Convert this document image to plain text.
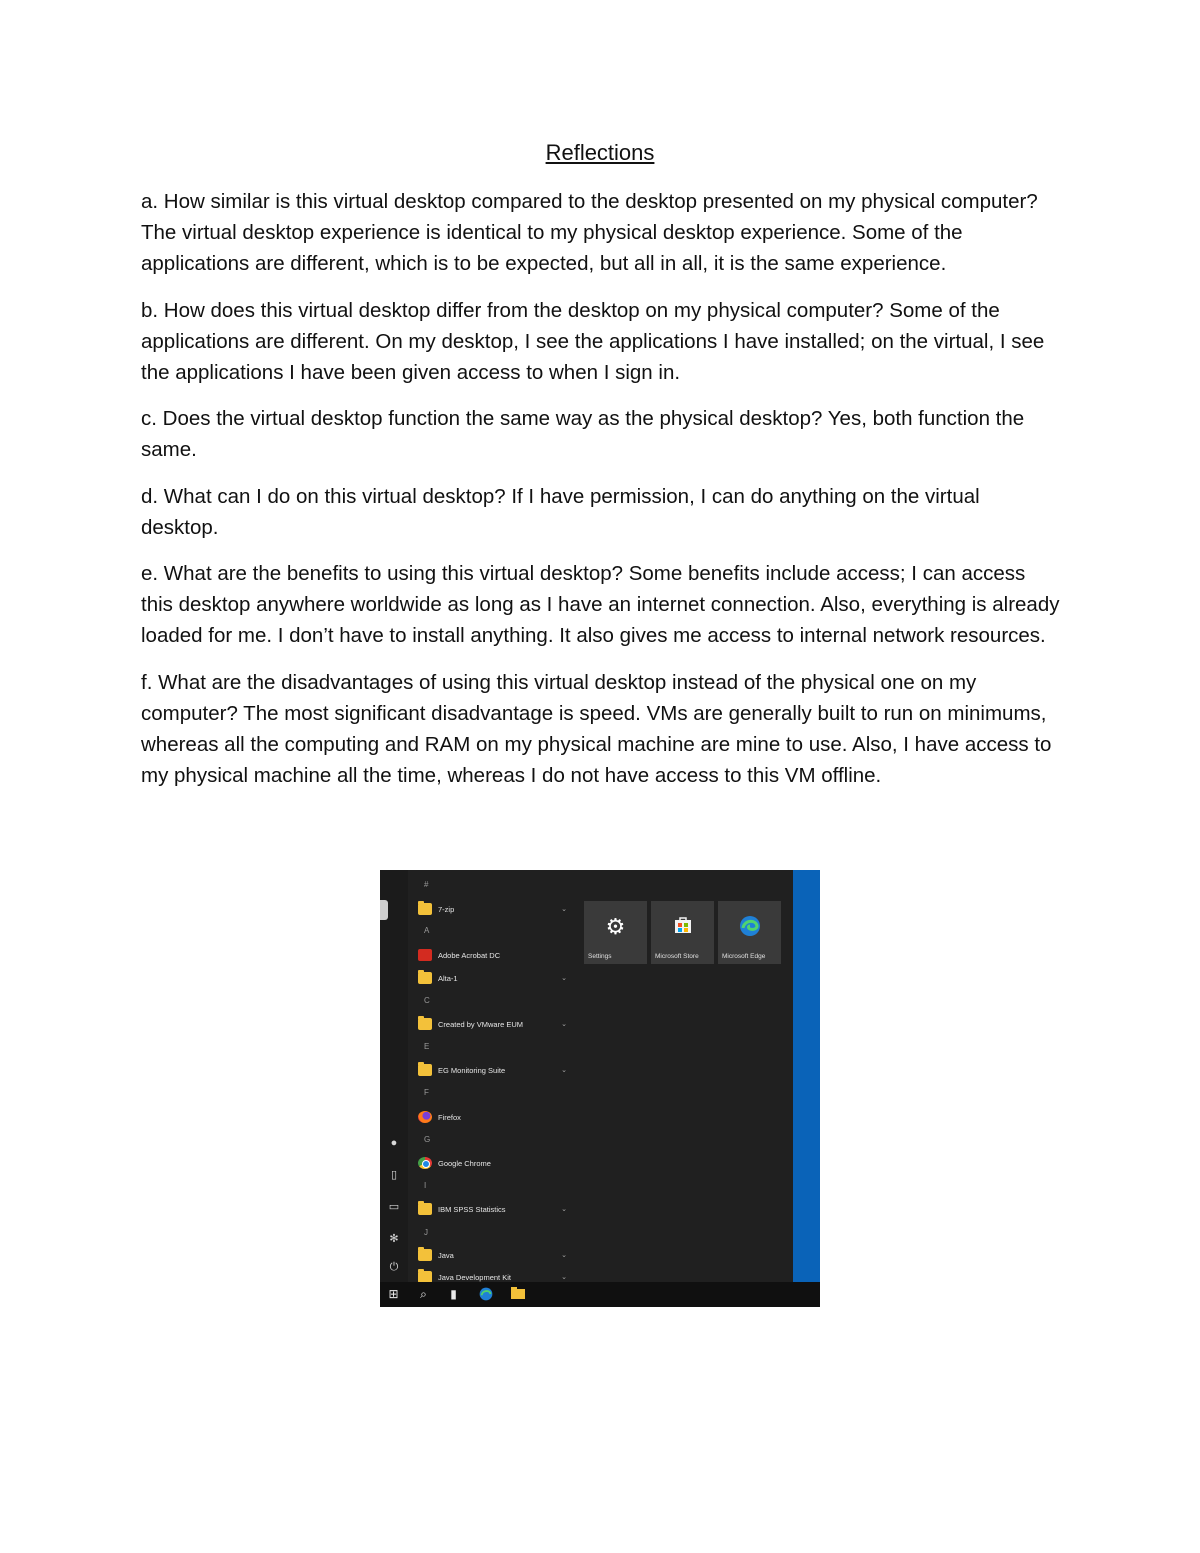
Reflections

a. How similar is this virtual desktop compared to the desktop presented on my physical computer? The virtual desktop experience is identical to my physical desktop experience. Some of the applications are different, which is to be expected, but all in all, it is the same experience.

b. How does this virtual desktop differ from the desktop on my physical computer? Some of the applications are different. On my desktop, I see the applications I have installed; on the virtual, I see the applications I have been given access to when I sign in.

c. Does the virtual desktop function the same way as the physical desktop? Yes, both function the same.

d. What can I do on this virtual desktop? If I have permission, I can do anything on the virtual desktop.

e. What are the benefits to using this virtual desktop? Some benefits include access; I can access this desktop anywhere worldwide as long as I have an internet connection. Also, everything is already loaded for me. I don’t have to install anything. It also gives me access to internal network resources.

f. What are the disadvantages of using this virtual desktop instead of the physical one on my computer? The most significant disadvantage is speed. VMs are generally built to run on minimums, whereas all the computing and RAM on my physical machine are mine to use. Also, I have access to my physical machine all the time, whereas I do not have access to this VM offline.

●
▯
▭
✻
⏻
#
7-zip	⌄
A
Adobe Acrobat DC
Alta-1	⌄
C
Created by VMware EUM	⌄
E
EG Monitoring Suite	⌄
F
Firefox
G
Google Chrome
I
IBM SPSS Statistics	⌄
J
Java	⌄
Java Development Kit	⌄
⚙
Settings	Microsoft Store	Microsoft Edge
⊞	⌕	▮
